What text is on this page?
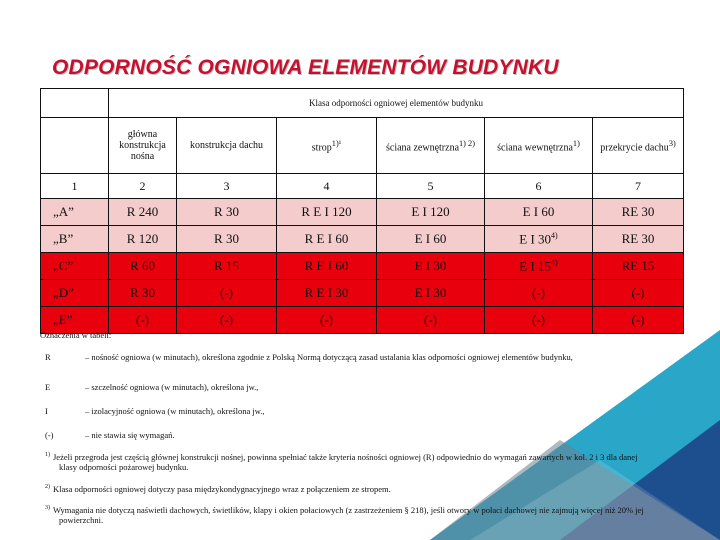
ODPORNOŚĆ OGNIOWA ELEMENTÓW BUDYNKU
	Klasa odporności ogniowej elementów budynku					
	główna konstrukcja nośna	konstrukcja dachu	strop$^{1)^1}$	ściana zewnętrzna$^{1) 2)}$	ściana wewnętrzna$^{1)}$	przekrycie dachu$^{3)}$
1	2	3	4	5	6	7
„A”	R 240	R 30	R E I 120	E I 120	E I 60	RE 30
„B”	R 120	R 30	R E I 60	E I 60	E I 30$^{4)}$	RE 30
„C”	R 60	R 15	R E I 60	E I 30	E I 15$^{4)}$	RE 15
„D”	R 30	(-)	R E I 30	E I 30	(-)	(-)
„E”	(-)	(-)	(-)	(-)	(-)	(-)
Oznaczenia w tabeli:
R	– nośność ogniowa (w minutach), określona zgodnie z Polską Normą dotyczącą zasad ustalania klas odporności ogniowej elementów budynku,
E	– szczelność ogniowa (w minutach), określona jw.,
I	– izolacyjność ogniowa (w minutach), określona jw.,
(-)	– nie stawia się wymagań.
1) Jeżeli przegroda jest częścią głównej konstrukcji nośnej, powinna spełniać także kryteria nośności ogniowej (R) odpowiednio do wymagań zawartych w kol. 2 i 3 dla danej klasy odporności pożarowej budynku.
2) Klasa odporności ogniowej dotyczy pasa międzykondygnacyjnego wraz z połączeniem ze stropem.
3) Wymagania nie dotyczą naświetli dachowych, świetlików, klapy i okien połaciowych (z zastrzeżeniem § 218), jeśli otwory w połaci dachowej nie zajmują więcej niż 20% jej powierzchni.
